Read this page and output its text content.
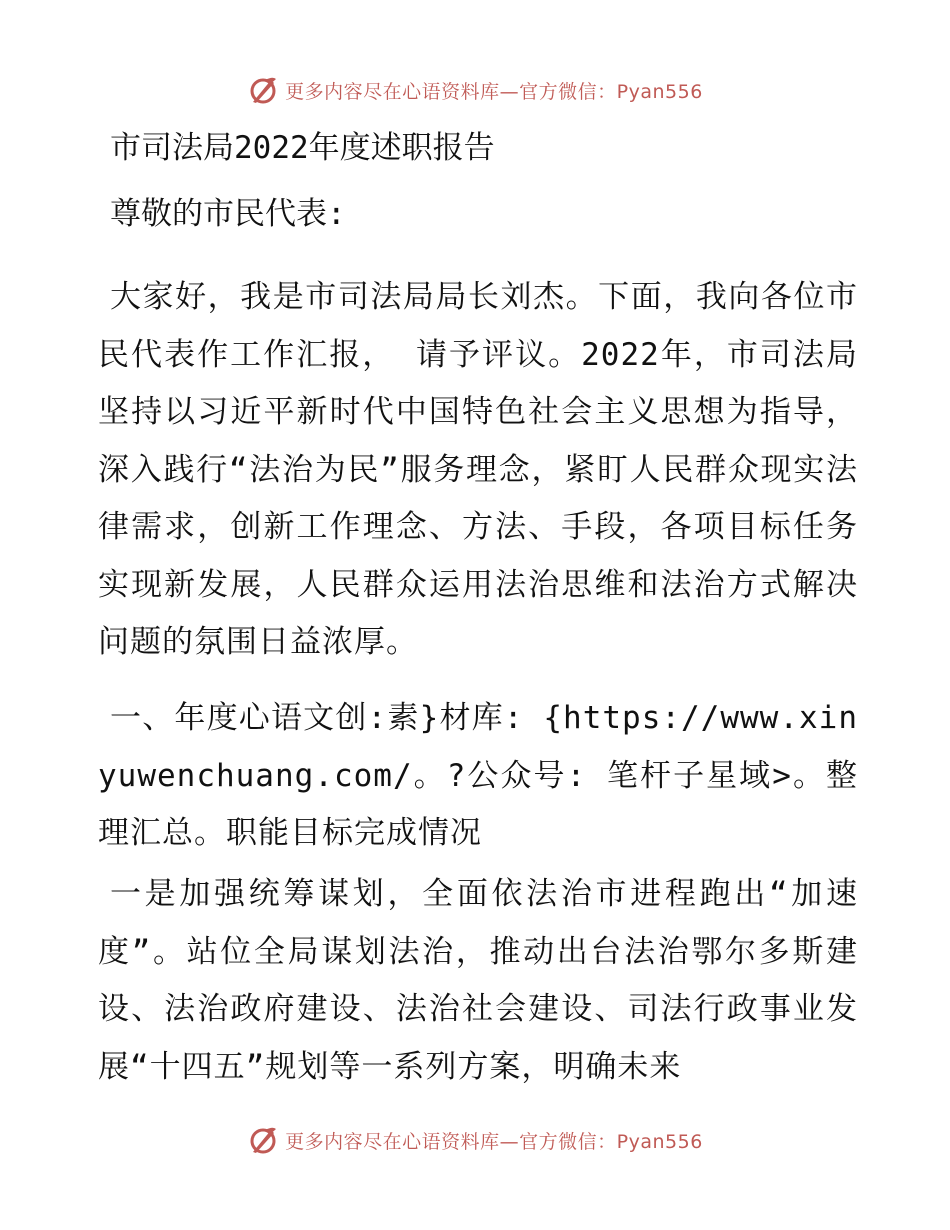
更多内容尽在心语资料库—官方微信：Pyan556

市司法局2022年度述职报告

尊敬的市民代表:

大家好，我是市司法局局长刘杰。下面，我向各位市民代表作工作汇报， 请予评议。2022年，市司法局坚持以习近平新时代中国特色社会主义思想为指导，深入践行“法治为民”服务理念，紧盯人民群众现实法律需求，创新工作理念、方法、手段，各项目标任务实现新发展，人民群众运用法治思维和法治方式解决问题的氛围日益浓厚。

一、年度心语文创:素}材库: {https://www.xinyuwenchuang.com/。?公众号: 笔杆子星域>。整理汇总。职能目标完成情况

一是加强统筹谋划，全面依法治市进程跑出“加速度”。站位全局谋划法治，推动出台法治鄂尔多斯建设、法治政府建设、法治社会建设、司法行政事业发展“十四五”规划等一系列方案，明确未来

更多内容尽在心语资料库—官方微信：Pyan556
